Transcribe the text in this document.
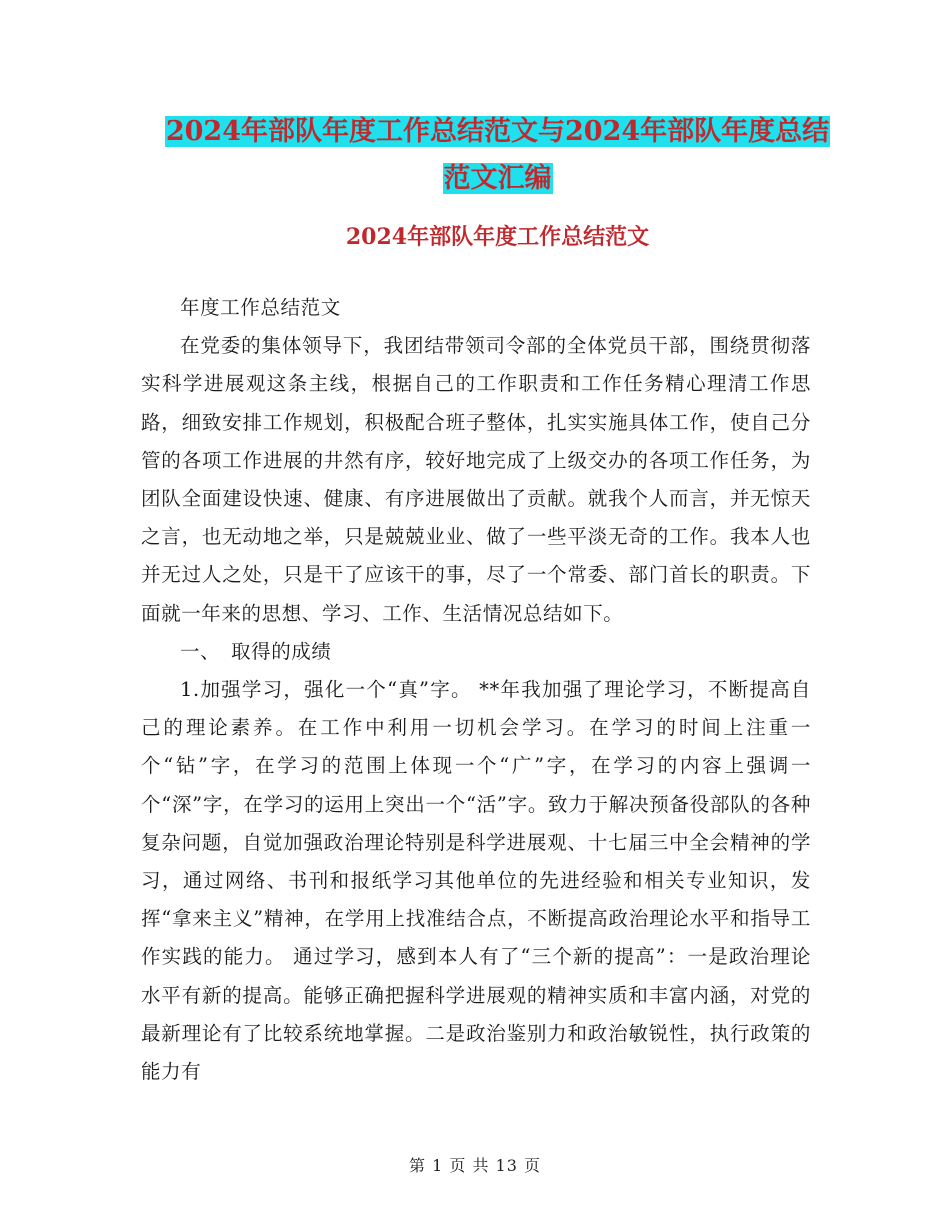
2024年部队年度工作总结范文与2024年部队年度总结
范文汇编
2024年部队年度工作总结范文

年度工作总结范文

在党委的集体领导下，我团结带领司令部的全体党员干部，围绕贯彻落实科学进展观这条主线，根据自己的工作职责和工作任务精心理清工作思路，细致安排工作规划，积极配合班子整体，扎实实施具体工作，使自己分管的各项工作进展的井然有序，较好地完成了上级交办的各项工作任务，为团队全面建设快速、健康、有序进展做出了贡献。就我个人而言，并无惊天之言，也无动地之举，只是兢兢业业、做了一些平淡无奇的工作。我本人也并无过人之处，只是干了应该干的事，尽了一个常委、部门首长的职责。下面就一年来的思想、学习、工作、生活情况总结如下。

一、 取得的成绩

1.加强学习，强化一个“真”字。 **年我加强了理论学习，不断提高自己的理论素养。在工作中利用一切机会学习。在学习的时间上注重一个“钻”字，在学习的范围上体现一个“广”字，在学习的内容上强调一个“深”字，在学习的运用上突出一个“活”字。致力于解决预备役部队的各种复杂问题，自觉加强政治理论特别是科学进展观、十七届三中全会精神的学习，通过网络、书刊和报纸学习其他单位的先进经验和相关专业知识，发挥“拿来主义”精神，在学用上找准结合点，不断提高政治理论水平和指导工作实践的能力。 通过学习，感到本人有了“三个新的提高”：一是政治理论水平有新的提高。能够正确把握科学进展观的精神实质和丰富内涵，对党的最新理论有了比较系统地掌握。二是政治鉴别力和政治敏锐性，执行政策的能力有

第 1 页 共 13 页
